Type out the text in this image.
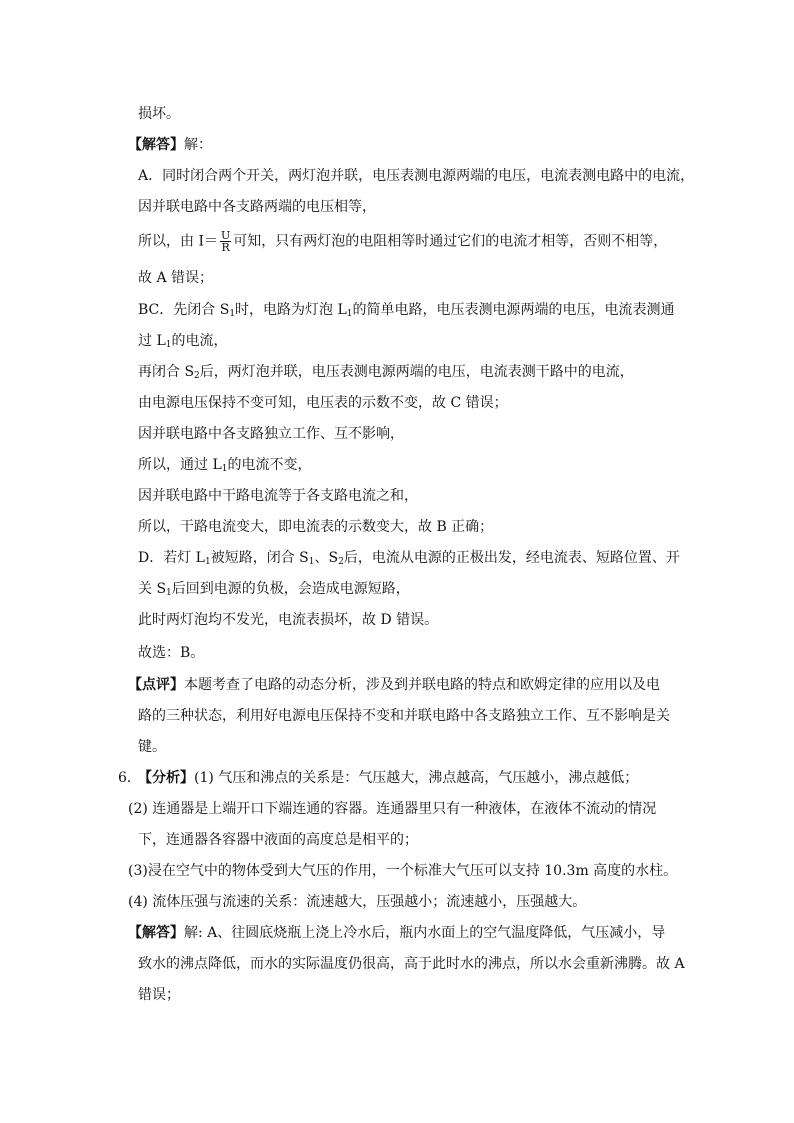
损坏。
【解答】解：
A．同时闭合两个开关，两灯泡并联，电压表测电源两端的电压，电流表测电路中的电流，
因并联电路中各支路两端的电压相等，
所以，由 $I= \frac{U}{R}$ 可知，只有两灯泡的电阻相等时通过它们的电流才相等，否则不相等，
故 A 错误；
BC．先闭合 $S_1$时，电路为灯泡 $L_1$的简单电路，电压表测电源两端的电压，电流表测通
过 $L_1$的电流，
再闭合 $S_2$后，两灯泡并联，电压表测电源两端的电压，电流表测干路中的电流，
由电源电压保持不变可知，电压表的示数不变，故 C 错误；
因并联电路中各支路独立工作、互不影响，
所以，通过 $L_1$的电流不变，
因并联电路中干路电流等于各支路电流之和，
所以，干路电流变大，即电流表的示数变大，故 B 正确；
D．若灯 $L_1$被短路，闭合 $S_1$、$S_2$后，电流从电源的正极出发，经电流表、短路位置、开
关 $S_1$后回到电源的负极，会造成电源短路，
此时两灯泡均不发光，电流表损坏，故 D 错误。
故选：B。
【点评】本题考查了电路的动态分析，涉及到并联电路的特点和欧姆定律的应用以及电
路的三种状态，利用好电源电压保持不变和并联电路中各支路独立工作、互不影响是关
键。
6．
【分析】(1) 气压和沸点的关系是：气压越大，沸点越高，气压越小，沸点越低；
(2) 连通器是上端开口下端连通的容器。连通器里只有一种液体，在液体不流动的情况
下，连通器各容器中液面的高度总是相平的；
(3)浸在空气中的物体受到大气压的作用，一个标准大气压可以支持 10.3m 高度的水柱。
(4) 流体压强与流速的关系：流速越大，压强越小；流速越小，压强越大。
【解答】解: A、往圆底烧瓶上浇上冷水后，瓶内水面上的空气温度降低，气压减小，导
致水的沸点降低，而水的实际温度仍很高，高于此时水的沸点，所以水会重新沸腾。故 A
错误；
